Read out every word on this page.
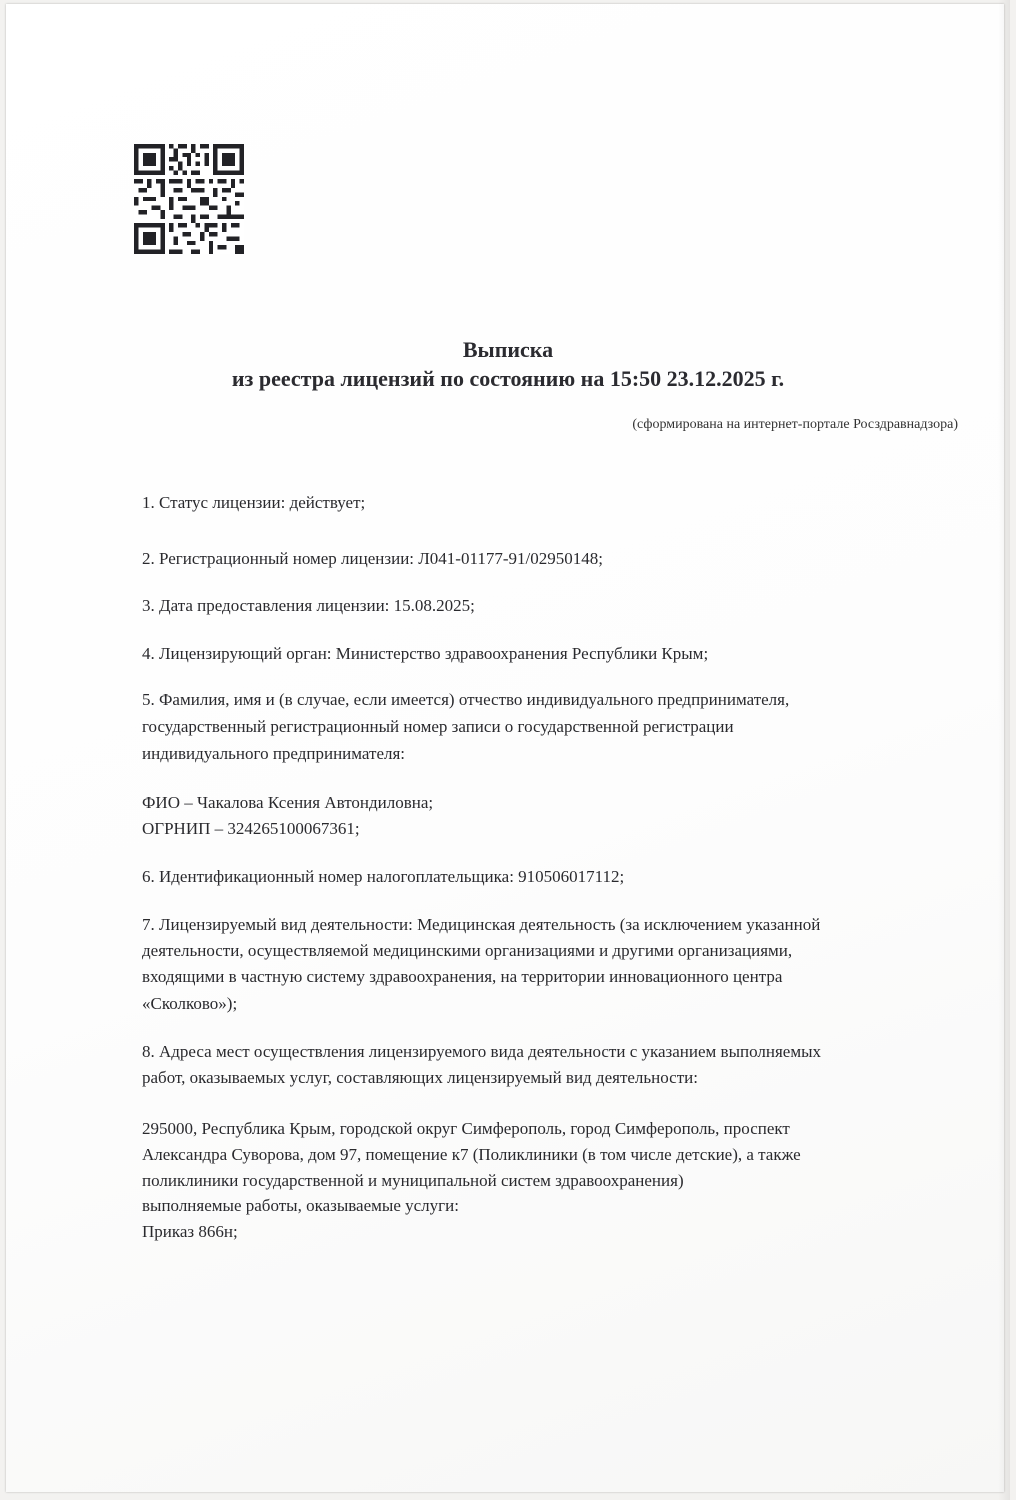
Выписка
из реестра лицензий по состоянию на 15:50 23.12.2025 г.
(сформирована на интернет-портале Росздравнадзора)
1. Статус лицензии: действует;
2. Регистрационный номер лицензии: Л041-01177-91/02950148;
3. Дата предоставления лицензии: 15.08.2025;
4. Лицензирующий орган: Министерство здравоохранения Республики Крым;
5. Фамилия, имя и (в случае, если имеется) отчество индивидуального предпринимателя,
государственный регистрационный номер записи о государственной регистрации
индивидуального предпринимателя:
ФИО – Чакалова Ксения Автондиловна;
ОГРНИП – 324265100067361;
6. Идентификационный номер налогоплательщика: 910506017112;
7. Лицензируемый вид деятельности: Медицинская деятельность (за исключением указанной
деятельности, осуществляемой медицинскими организациями и другими организациями,
входящими в частную систему здравоохранения, на территории инновационного центра
«Сколково»);
8. Адреса мест осуществления лицензируемого вида деятельности с указанием выполняемых
работ, оказываемых услуг, составляющих лицензируемый вид деятельности:
295000, Республика Крым, городской округ Симферополь, город Симферополь, проспект
Александра Суворова, дом 97, помещение к7 (Поликлиники (в том числе детские), а также
поликлиники государственной и муниципальной систем здравоохранения)
выполняемые работы, оказываемые услуги:
Приказ 866н;
